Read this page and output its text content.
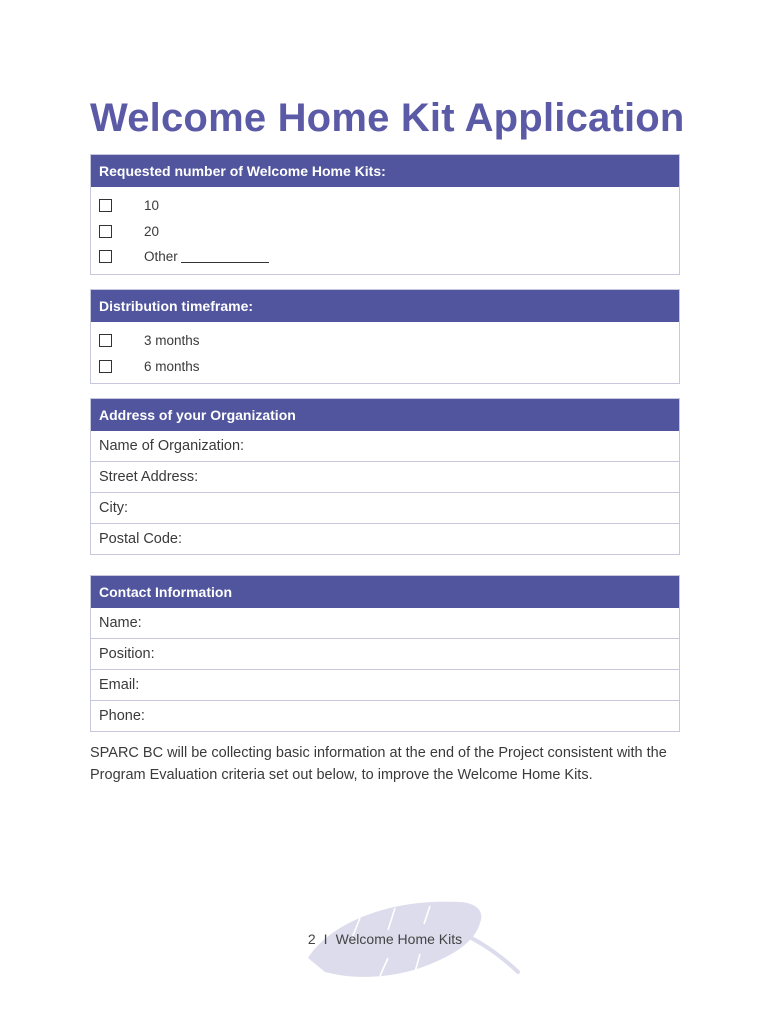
Welcome Home Kit Application
Requested number of Welcome Home Kits:
10
20
Other
Distribution timeframe:
3 months
6 months
Address of your Organization
Name of Organization:
Street Address:
City:
Postal Code:
Contact Information
Name:
Position:
Email:
Phone:
SPARC BC will be collecting basic information at the end of the Project consistent with the Program Evaluation criteria set out below, to improve the Welcome Home Kits.
2 I Welcome Home Kits
